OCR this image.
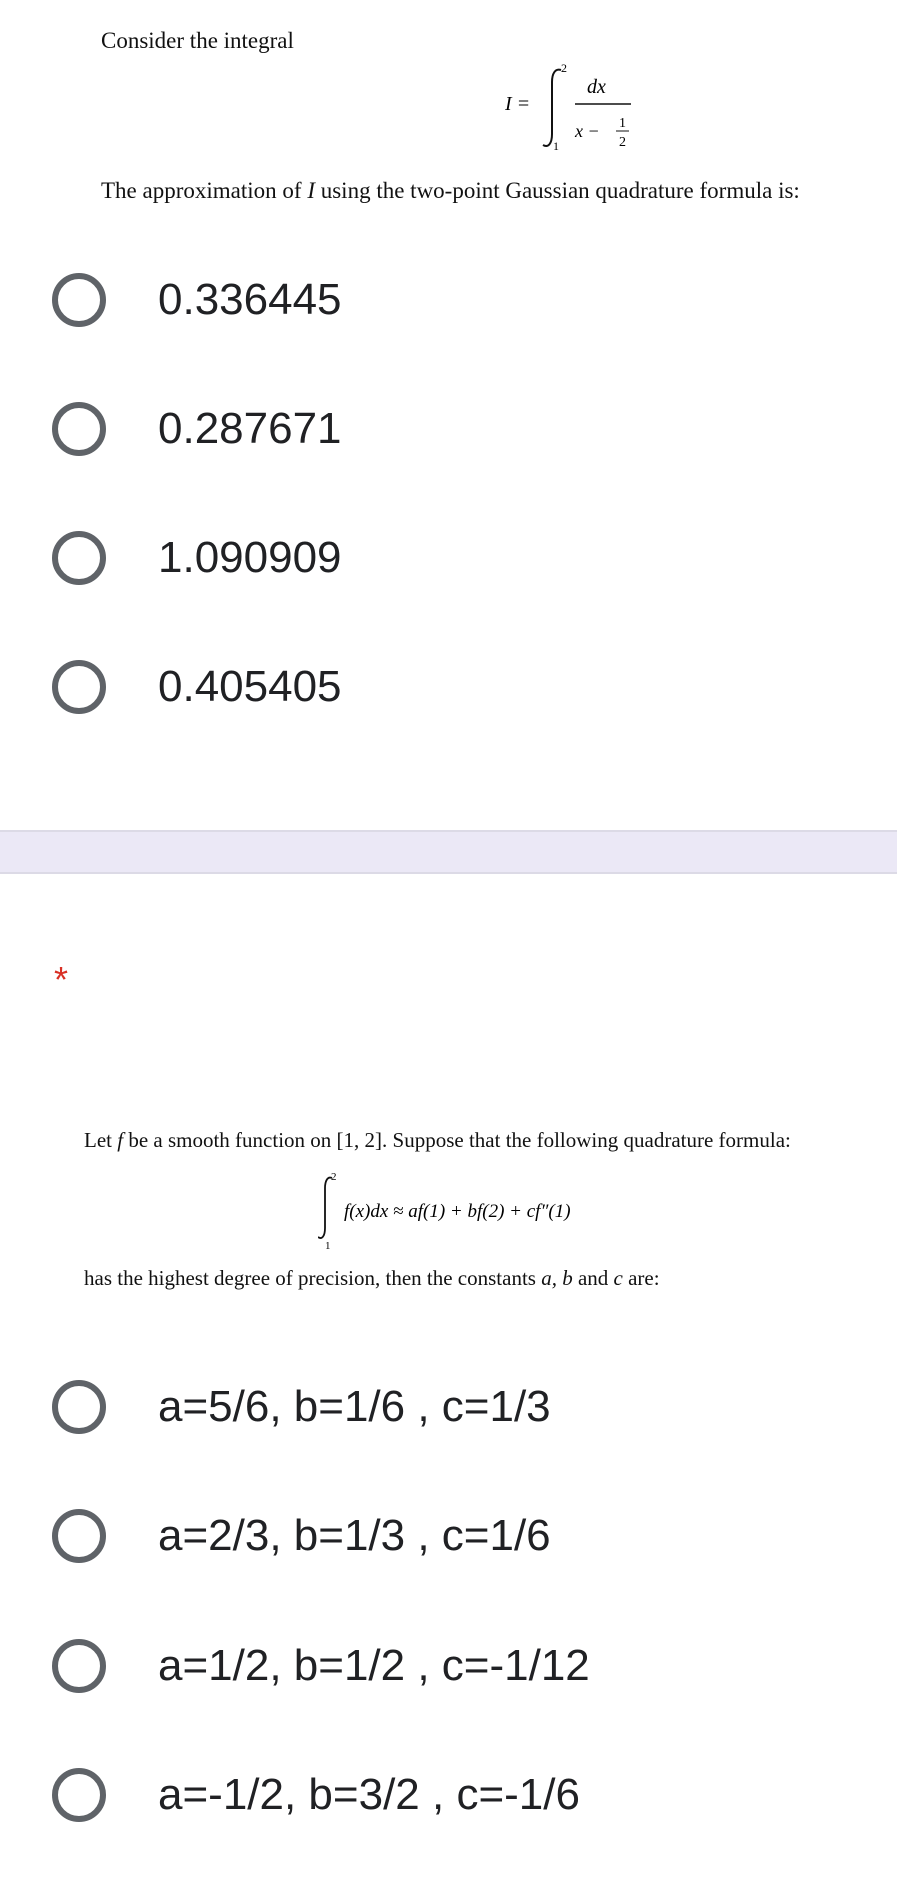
Consider the integral
I =
2
1
dx
x − 1
2
The approximation of I using the two-point Gaussian quadrature formula is:
0.336445
0.287671
1.090909
0.405405
*
Let f be a smooth function on [1, 2]. Suppose that the following quadrature formula:
2
1
f(x)dx ≈ af(1) + bf(2) + cf″(1)
has the highest degree of precision, then the constants a, b and c are:
a=5/6, b=1/6 , c=1/3
a=2/3, b=1/3 , c=1/6
a=1/2, b=1/2 , c=-1/12
a=-1/2, b=3/2 , c=-1/6
